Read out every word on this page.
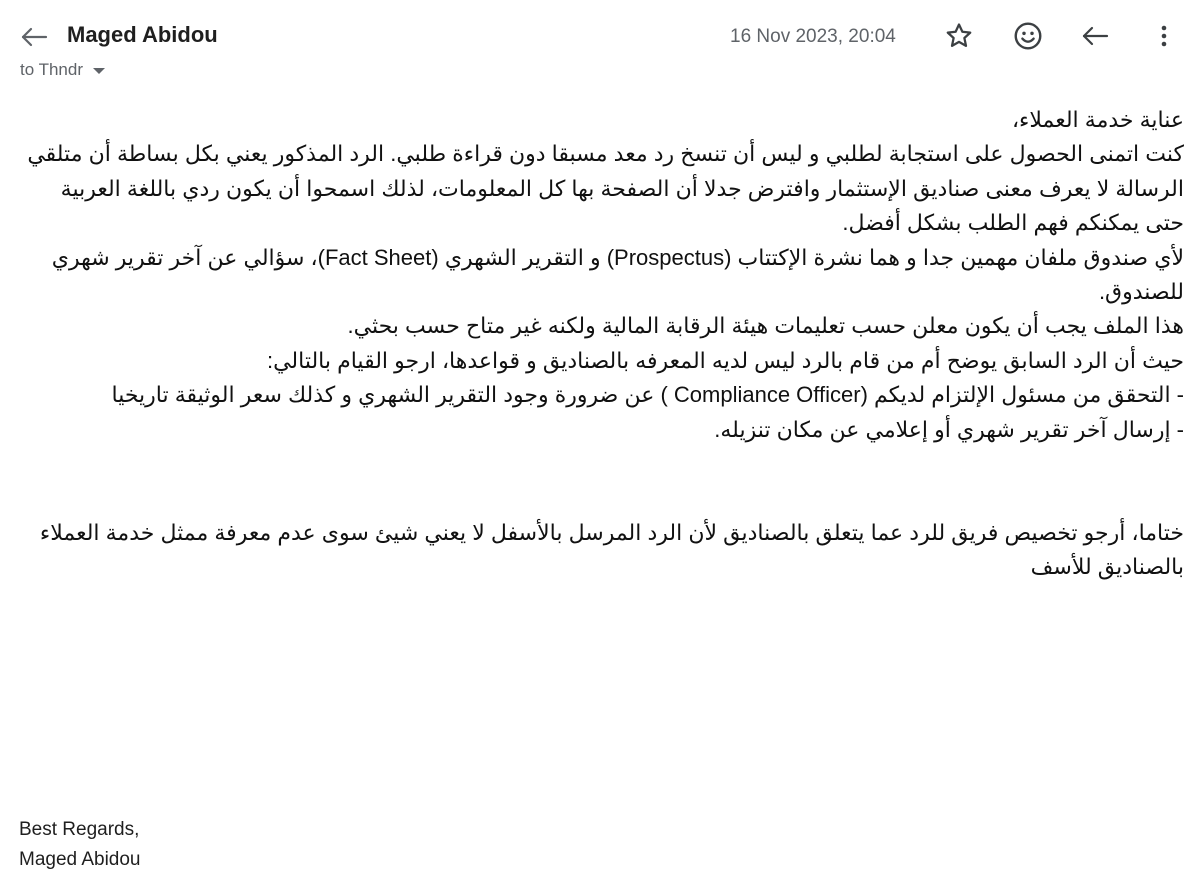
Maged Abidou
to Thndr
16 Nov 2023, 20:04

عناية خدمة العملاء،

كنت اتمنى الحصول على استجابة لطلبي و ليس أن تنسخ رد معد مسبقا دون قراءة طلبي. الرد المذكور يعني بكل بساطة أن متلقي الرسالة لا يعرف معنى صناديق الإستثمار وافترض جدلا أن الصفحة بها كل المعلومات، لذلك اسمحوا أن يكون ردي باللغة العربية حتى يمكنكم فهم الطلب بشكل أفضل.

لأي صندوق ملفان مهمين جدا و هما نشرة الإكتتاب (Prospectus) و التقرير الشهري (Fact Sheet)، سؤالي عن آخر تقرير شهري للصندوق.

هذا الملف يجب أن يكون معلن حسب تعليمات هيئة الرقابة المالية ولكنه غير متاح حسب بحثي.

حيث أن الرد السابق يوضح أم من قام بالرد ليس لديه المعرفه بالصناديق و قواعدها، ارجو القيام بالتالي:

- التحقق من مسئول الإلتزام لديكم (Compliance Officer ) عن ضرورة وجود التقرير الشهري و كذلك سعر الوثيقة تاريخيا

- إرسال آخر تقرير شهري أو إعلامي عن مكان تنزيله.

ختاما، أرجو تخصيص فريق للرد عما يتعلق بالصناديق لأن الرد المرسل بالأسفل لا يعني شيئ سوى عدم معرفة ممثل خدمة العملاء بالصناديق للأسف

Best Regards,
Maged Abidou
